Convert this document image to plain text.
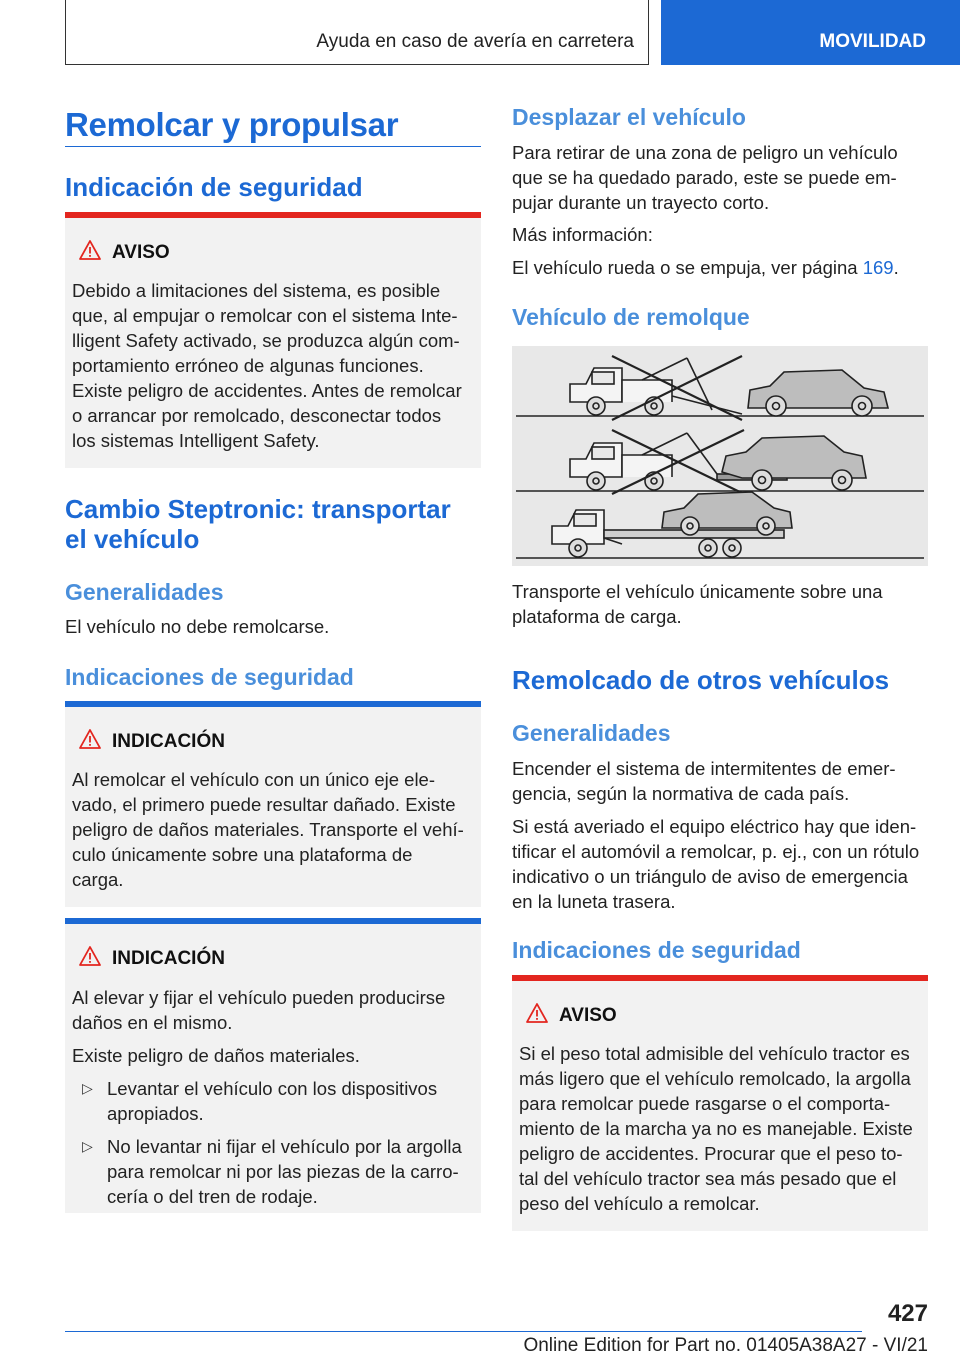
Ayuda en caso de avería en carretera	MOVILIDAD
Remolcar y propulsar
Indicación de seguridad
AVISO
Debido a limitaciones del sistema, es posible
que, al empujar o remolcar con el sistema Inte-
lligent Safety activado, se produzca algún com-
portamiento erróneo de algunas funciones.
Existe peligro de accidentes. Antes de remolcar
o arrancar por remolcado, desconectar todos
los sistemas Intelligent Safety.
Cambio Steptronic: transportar
el vehículo
Generalidades
El vehículo no debe remolcarse.
Indicaciones de seguridad
INDICACIÓN
Al remolcar el vehículo con un único eje ele-
vado, el primero puede resultar dañado. Existe
peligro de daños materiales. Transporte el vehí-
culo únicamente sobre una plataforma de
carga.
INDICACIÓN
Al elevar y fijar el vehículo pueden producirse
daños en el mismo.
Existe peligro de daños materiales.
▷ Levantar el vehículo con los dispositivos
apropiados.
▷ No levantar ni fijar el vehículo por la argolla
para remolcar ni por las piezas de la carro-
cería o del tren de rodaje.
Desplazar el vehículo
Para retirar de una zona de peligro un vehículo
que se ha quedado parado, este se puede em-
pujar durante un trayecto corto.
Más información:
El vehículo rueda o se empuja, ver página 169.
Vehículo de remolque
Transporte el vehículo únicamente sobre una
plataforma de carga.
Remolcado de otros vehículos
Generalidades
Encender el sistema de intermitentes de emer-
gencia, según la normativa de cada país.
Si está averiado el equipo eléctrico hay que iden-
tificar el automóvil a remolcar, p. ej., con un rótulo
indicativo o un triángulo de aviso de emergencia
en la luneta trasera.
Indicaciones de seguridad
AVISO
Si el peso total admisible del vehículo tractor es
más ligero que el vehículo remolcado, la argolla
para remolcar puede rasgarse o el comporta-
miento de la marcha ya no es manejable. Existe
peligro de accidentes. Procurar que el peso to-
tal del vehículo tractor sea más pesado que el
peso del vehículo a remolcar.
427
Online Edition for Part no. 01405A38A27 - VI/21
